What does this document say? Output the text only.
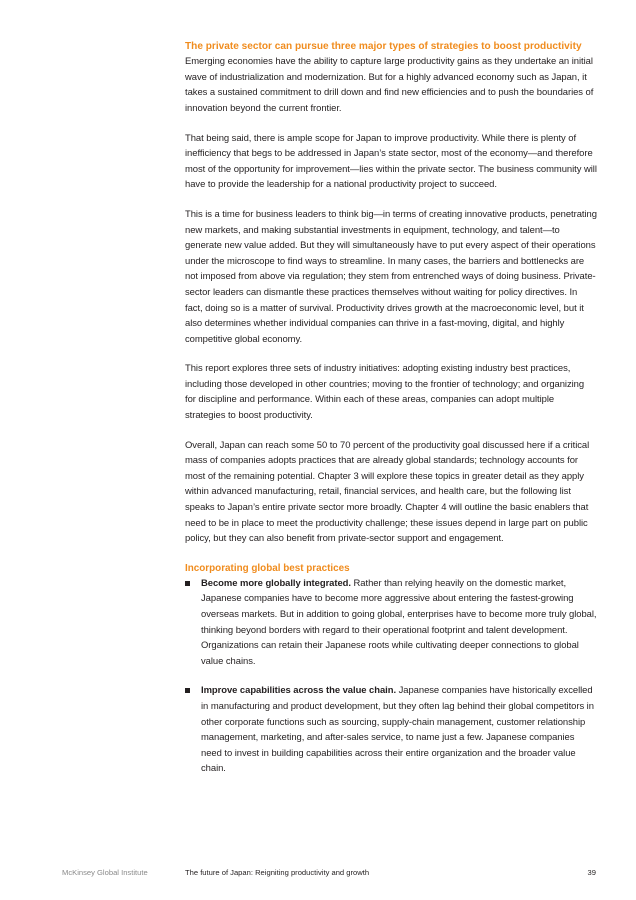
The private sector can pursue three major types of strategies to boost productivity

Emerging economies have the ability to capture large productivity gains as they undertake an initial wave of industrialization and modernization. But for a highly advanced economy such as Japan, it takes a sustained commitment to drill down and find new efficiencies and to push the boundaries of innovation beyond the current frontier.

That being said, there is ample scope for Japan to improve productivity. While there is plenty of inefficiency that begs to be addressed in Japan’s state sector, most of the economy—and therefore most of the opportunity for improvement—lies within the private sector. The business community will have to provide the leadership for a national productivity project to succeed.

This is a time for business leaders to think big—in terms of creating innovative products, penetrating new markets, and making substantial investments in equipment, technology, and talent—to generate new value added. But they will simultaneously have to put every aspect of their operations under the microscope to find ways to streamline. In many cases, the barriers and bottlenecks are not imposed from above via regulation; they stem from entrenched ways of doing business. Private-sector leaders can dismantle these practices themselves without waiting for policy directives. In fact, doing so is a matter of survival. Productivity drives growth at the macroeconomic level, but it also determines whether individual companies can thrive in a fast-moving, digital, and highly competitive global economy.

This report explores three sets of industry initiatives: adopting existing industry best practices, including those developed in other countries; moving to the frontier of technology; and organizing for discipline and performance. Within each of these areas, companies can adopt multiple strategies to boost productivity.

Overall, Japan can reach some 50 to 70 percent of the productivity goal discussed here if a critical mass of companies adopts practices that are already global standards; technology accounts for most of the remaining potential. Chapter 3 will explore these topics in greater detail as they apply within advanced manufacturing, retail, financial services, and health care, but the following list speaks to Japan’s entire private sector more broadly. Chapter 4 will outline the basic enablers that need to be in place to meet the productivity challenge; these issues depend in large part on public policy, but they can also benefit from private-sector support and engagement.

Incorporating global best practices
Become more globally integrated. Rather than relying heavily on the domestic market, Japanese companies have to become more aggressive about entering the fastest-growing overseas markets. But in addition to going global, enterprises have to become more truly global, thinking beyond borders with regard to their operational footprint and talent development. Organizations can retain their Japanese roots while cultivating deeper connections to global value chains.
Improve capabilities across the value chain. Japanese companies have historically excelled in manufacturing and product development, but they often lag behind their global competitors in other corporate functions such as sourcing, supply-chain management, customer relationship management, marketing, and after-sales service, to name just a few. Japanese companies need to invest in building capabilities across their entire organization and the broader value chain.
McKinsey Global Institute	The future of Japan: Reigniting productivity and growth	39
